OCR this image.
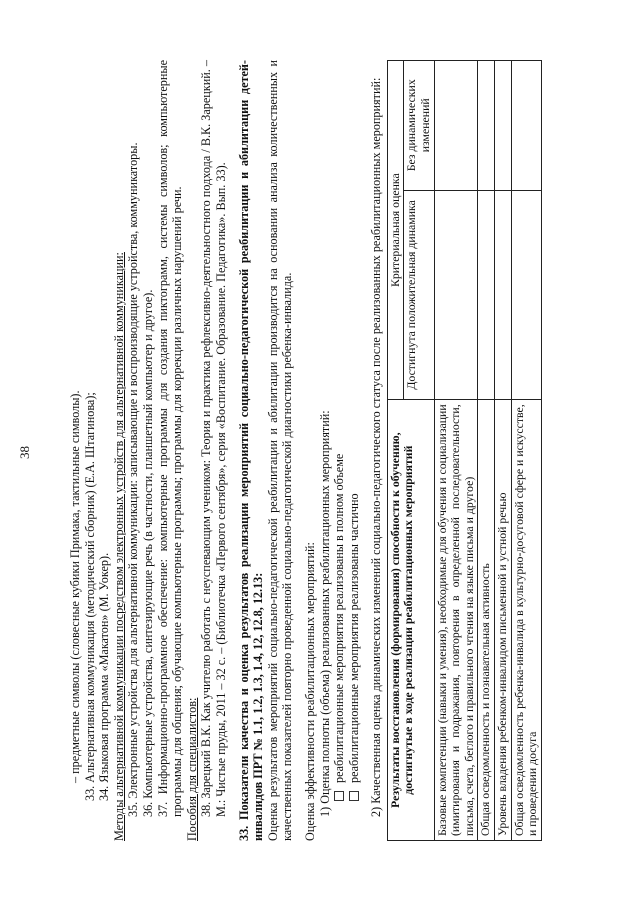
38	– предметные символы (словесные кубики Примака, тактильные символы). 33. Альтернативная коммуникация (методический сборник) (Е.А. Штагинова); 34. Языковая программа «Макатон» (М. Уокер). Методы альтернативной коммуникации посредством электронных устройств для альтернативной коммуникации: 35. Электронные устройства для альтернативной коммуникации: записывающие и воспроизводящие устройства, коммуникаторы. 36. Компьютерные устройства, синтезирующие речь (в частности, планшетный компьютер и другое). 37. Информационно-программное обеспечение: компьютерные программы для создания пиктограмм, системы символов; компьютерные программы для общения; обучающие компьютерные программы; программы для коррекции различных нарушений речи. Пособия для специалистов: 38. Зарецкий В.К. Как учителю работать с неуспевающим учеником: Теория и практика рефлексивно-деятельностного подхода / В.К. Зарецкий. – М.: Чистые пруды, 2011 – 32 с. – (Библиотечка «Первого сентября», серия «Воспитание. Образование. Педагогика». Вып. 33). 33. Показатели качества и оценка результатов реализации мероприятий социально-педагогической реабилитации и абилитации детей-инвалидов ПРТ № 1.1, 1.2, 1.3, 1.4, 12, 12.8, 12.13: Оценка результатов мероприятий социально-педагогической реабилитации и абилитации производится на основании анализа количественных и качественных показателей повторно проведенной социально-педагогической диагностики ребенка-инвалида. Оценка эффективности реабилитационных мероприятий: 1) Оценка полноты (объема) реализованных реабилитационных мероприятий: реабилитационные мероприятия реализованы в полном объеме реабилитационные мероприятия реализованы частично 2) Качественная оценка динамических изменений социально-педагогического статуса после реализованных реабилитационных мероприятий: Результаты восстановления (формирования) способности к обучению, достигнутые в ходе реализации реабилитационных мероприятий	Критериальная оценка	
	Достигнута положительная динамика	Без динамических изменений
Базовые компетенции (навыки и умения), необходимые для обучения и социализации (имитирования и подражания, повторения в определенной последовательности, письма, счета, беглого и правильного чтения на языке письма и другое)		
Общая осведомленность и познавательная активность		
Уровень владения ребенком-инвалидом письменной и устной речью		
Общая осведомленность ребенка-инвалида в культурно-досуговой сфере и искусстве, и проведении досуга		
